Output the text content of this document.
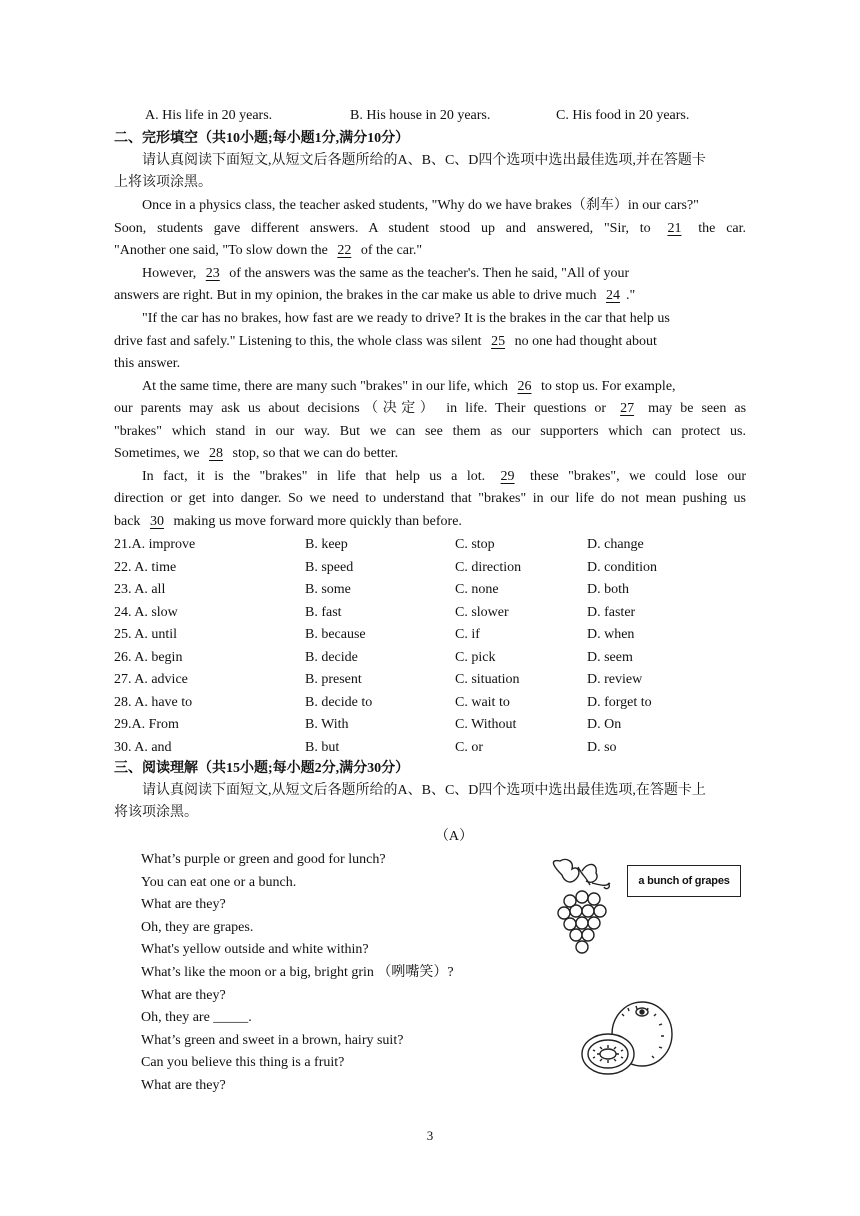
A. His life in 20 years.	B. His house in 20 years.	C. His food in 20 years.
二、完形填空（共10小题;每小题1分,满分10分）
请认真阅读下面短文,从短文后各题所给的A、B、C、D四个选项中选出最佳选项,并在答题卡
上将该项涂黑。
Once in a physics class, the teacher asked students, "Why do we have brakes（刹车）in our cars?"
Soon, students gave different answers. A student stood up and answered, "Sir, to 21 the car.
"Another one said, "To slow down the 22 of the car."
However, 23 of the answers was the same as the teacher's. Then he said, "All of your
answers are right. But in my opinion, the brakes in the car make us able to drive much 24 ."
"If the car has no brakes, how fast are we ready to drive? It is the brakes in the car that help us
drive fast and safely." Listening to this, the whole class was silent 25 no one had thought about
this answer.
At the same time, there are many such "brakes" in our life, which 26 to stop us. For example,
our parents may ask us about decisions（决定） in life. Their questions or 27 may be seen as
"brakes" which stand in our way. But we can see them as our supporters which can protect us.
Sometimes, we 28 stop, so that we can do better.
In fact, it is the "brakes" in life that help us a lot. 29 these "brakes", we could lose our
direction or get into danger. So we need to understand that "brakes" in our life do not mean pushing us
back 30 making us move forward more quickly than before.
21.A. improve	B. keep	C. stop	D. change
22. A. time	B. speed	C. direction	D. condition
23. A. all	B. some	C. none	D. both
24. A. slow	B. fast	C. slower	D. faster
25. A. until	B. because	C. if	D. when
26. A. begin	B. decide	C. pick	D. seem
27. A. advice	B. present	C. situation	D. review
28. A. have to	B. decide to	C. wait to	D. forget to
29.A. From	B. With	C. Without	D. On
30. A. and	B. but	C. or	D. so
三、阅读理解（共15小题;每小题2分,满分30分）
请认真阅读下面短文,从短文后各题所给的A、B、C、D四个选项中选出最佳选项,在答题卡上
将该项涂黑。
（A）
What’s purple or green and good for lunch?
You can eat one or a bunch.
What are they?
Oh, they are grapes.
What's yellow outside and white within?
What’s like the moon or a big, bright grin （咧嘴笑）?
What are they?
Oh, they are _____.
What’s green and sweet in a brown, hairy suit?
Can you believe this thing is a fruit?
What are they?
a bunch of grapes
3
